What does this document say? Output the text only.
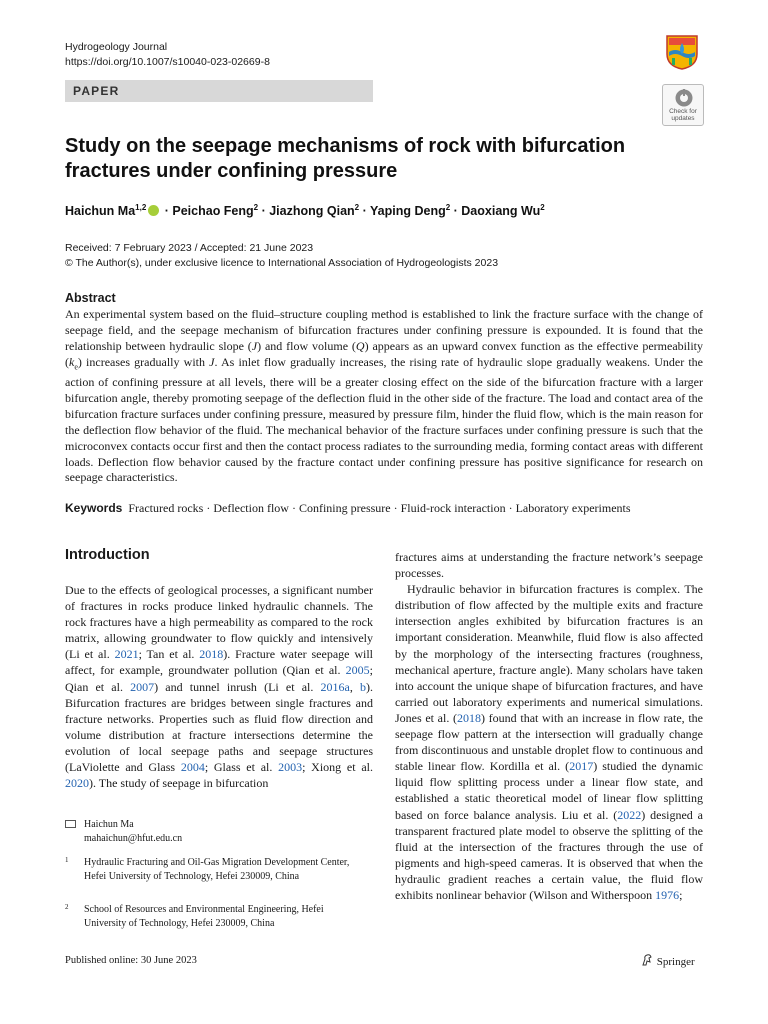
Hydrogeology Journal
https://doi.org/10.1007/s10040-023-02669-8
PAPER
Check for updates
Study on the seepage mechanisms of rock with bifurcation fractures under confining pressure
Haichun Ma$^{1,2}$ · Peichao Feng$^2$ · Jiazhong Qian$^2$ · Yaping Deng$^2$ · Daoxiang Wu$^2$
Received: 7 February 2023 / Accepted: 21 June 2023
© The Author(s), under exclusive licence to International Association of Hydrogeologists 2023
Abstract

An experimental system based on the fluid–structure coupling method is established to link the fracture surface with the change of seepage field, and the seepage mechanism of bifurcation fractures under confining pressure is expounded. It is found that the relationship between hydraulic slope (J) and flow volume (Q) appears as an upward convex function as the effective permeability $(k_e)$ increases gradually with J. As inlet flow gradually increases, the rising rate of hydraulic slope gradually weakens. Under the action of confining pressure at all levels, there will be a greater closing effect on the side of the bifurcation fracture with a larger bifurcation angle, thereby promoting seepage of the deflection fluid in the other side of the fracture. The load and contact area of the bifurcation fracture surfaces under confining pressure, measured by pressure film, hinder the fluid flow, which is the main reason for the deflection flow behavior of the fluid. The mechanical behavior of the fracture surfaces under confining pressure is such that the microconvex contacts occur first and then the contact process radiates to the surrounding media, forming contact areas with different loads. Deflection flow behavior caused by the fracture contact under confining pressure has positive significance for research on seepage characteristics.

Keywords Fractured rocks · Deflection flow · Confining pressure · Fluid-rock interaction · Laboratory experiments
Introduction

Due to the effects of geological processes, a significant number of fractures in rocks produce linked hydraulic channels. The rock fractures have a high permeability as compared to the rock matrix, allowing groundwater to flow quickly and intensively (Li et al. 2021; Tan et al. 2018). Fracture water seepage will affect, for example, groundwater pollution (Qian et al. 2005; Qian et al. 2007) and tunnel inrush (Li et al. 2016a, b). Bifurcation fractures are bridges between single fractures and fracture networks. Properties such as fluid flow direction and volume distribution at fracture intersections determine the evolution of local seepage paths and seepage structures (LaViolette and Glass 2004; Glass et al. 2003; Xiong et al. 2020). The study of seepage in bifurcation

fractures aims at understanding the fracture network’s seepage processes.

Hydraulic behavior in bifurcation fractures is complex. The distribution of flow affected by the multiple exits and fracture intersection angles exhibited by bifurcation fractures is an important consideration. Meanwhile, fluid flow is also affected by the morphology of the intersecting fractures (roughness, mechanical aperture, fracture angle). Many scholars have taken into account the unique shape of bifurcation fractures, and have carried out laboratory experiments and numerical simulations. Jones et al. (2018) found that with an increase in flow rate, the seepage flow pattern at the intersection will gradually change from discontinuous and unstable droplet flow to continuous and stable linear flow. Kordilla et al. (2017) studied the dynamic liquid flow splitting process under a linear flow state, and established a static theoretical model of linear flow splitting based on force balance analysis. Liu et al. (2022) designed a transparent fractured plate model to observe the splitting of the fluid at the intersection of the fractures through the use of pigments and high-speed cameras. It is observed that when the hydraulic gradient reaches a certain value, the fluid flow exhibits nonlinear behavior (Wilson and Witherspoon 1976;

Haichun Ma
mahaichun@hfut.edu.cn
1 Hydraulic Fracturing and Oil-Gas Migration Development Center, Hefei University of Technology, Hefei 230009, China
2 School of Resources and Environmental Engineering, Hefei University of Technology, Hefei 230009, China
Published online: 30 June 2023	Springer
